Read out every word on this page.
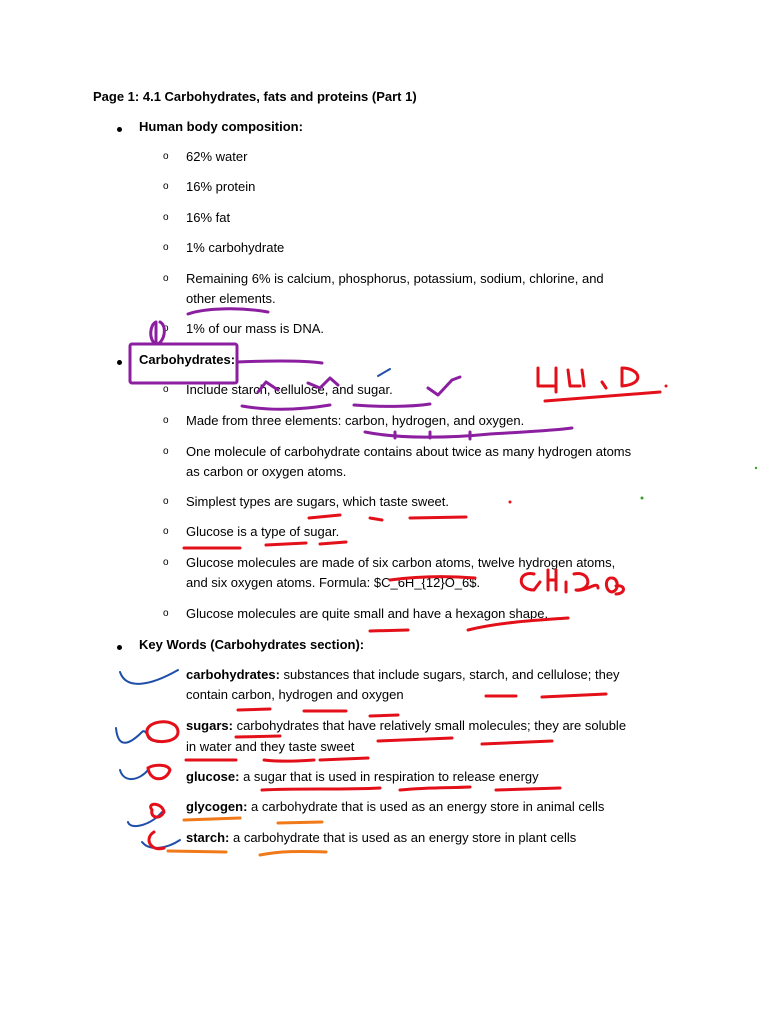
Page 1: 4.1 Carbohydrates, fats and proteins (Part 1)
Human body composition:
o 62% water
o 16% protein
o 16% fat
o 1% carbohydrate
o Remaining 6% is calcium, phosphorus, potassium, sodium, chlorine, and
other elements.
o 1% of our mass is DNA.
Carbohydrates:
o Include starch, cellulose, and sugar.
o Made from three elements: carbon, hydrogen, and oxygen.
o One molecule of carbohydrate contains about twice as many hydrogen atoms
as carbon or oxygen atoms.
o Simplest types are sugars, which taste sweet.
o Glucose is a type of sugar.
o Glucose molecules are made of six carbon atoms, twelve hydrogen atoms,
and six oxygen atoms. Formula: $C_6H_{12}O_6$.
o Glucose molecules are quite small and have a hexagon shape.
Key Words (Carbohydrates section):
carbohydrates: substances that include sugars, starch, and cellulose; they
contain carbon, hydrogen and oxygen
sugars: carbohydrates that have relatively small molecules; they are soluble
in water and they taste sweet
glucose: a sugar that is used in respiration to release energy
glycogen: a carbohydrate that is used as an energy store in animal cells
starch: a carbohydrate that is used as an energy store in plant cells
